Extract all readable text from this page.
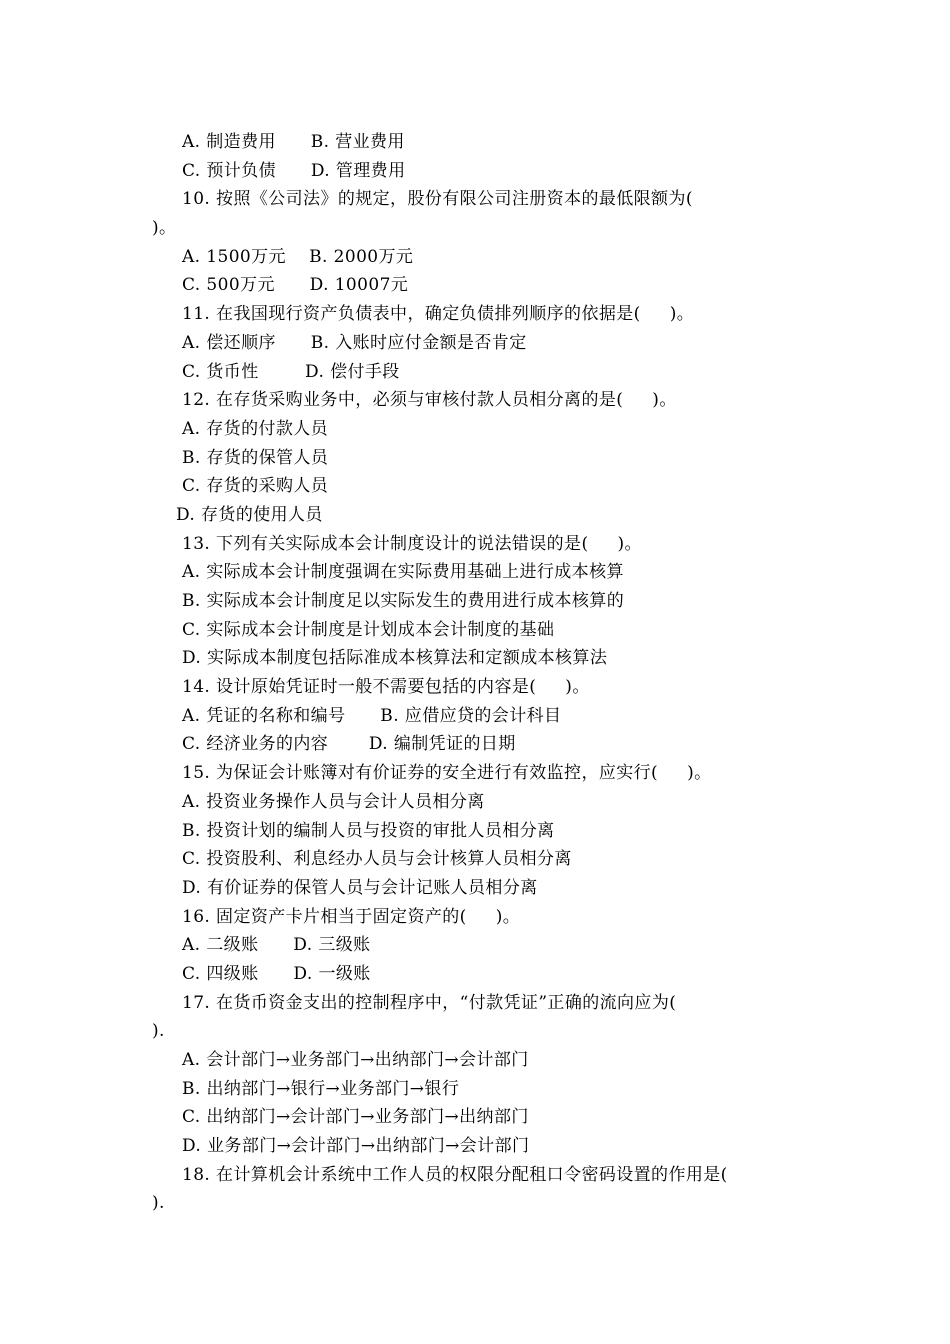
A. 制造费用      B. 营业费用
C. 预计负债      D. 管理费用
10. 按照《公司法》的规定，股份有限公司注册资本的最低限额为(
)。
A. 1500万元    B. 2000万元
C. 500万元      D. 10007元
11. 在我国现行资产负债表中，确定负债排列顺序的依据是(     )。
A. 偿还顺序      B. 入账时应付金额是否肯定
C. 货币性        D. 偿付手段
12. 在存货采购业务中，必须与审核付款人员相分离的是(     )。
A. 存货的付款人员
B. 存货的保管人员
C. 存货的采购人员
D. 存货的使用人员
13. 下列有关实际成本会计制度设计的说法错误的是(     )。
A. 实际成本会计制度强调在实际费用基础上进行成本核算
B. 实际成本会计制度足以实际发生的费用进行成本核算的
C. 实际成本会计制度是计划成本会计制度的基础
D. 实际成本制度包括际准成本核算法和定额成本核算法
14. 设计原始凭证时一般不需要包括的内容是(     )。
A. 凭证的名称和编号      B. 应借应贷的会计科目
C. 经济业务的内容       D. 编制凭证的日期
15. 为保证会计账簿对有价证券的安全进行有效监控，应实行(     )。
A. 投资业务操作人员与会计人员相分离
B. 投资计划的编制人员与投资的审批人员相分离
C. 投资股利、利息经办人员与会计核算人员相分离
D. 有价证券的保管人员与会计记账人员相分离
16. 固定资产卡片相当于固定资产的(     )。
A. 二级账      D. 三级账
C. 四级账      D. 一级账
17. 在货币资金支出的控制程序中，“付款凭证”正确的流向应为(
).
A. 会计部门→业务部门→出纳部门→会计部门
B. 出纳部门→银行→业务部门→银行
C. 出纳部门→会计部门→业务部门→出纳部门
D. 业务部门→会计部门→出纳部门→会计部门
18. 在计算机会计系统中工作人员的权限分配租口令密码设置的作用是(
).
